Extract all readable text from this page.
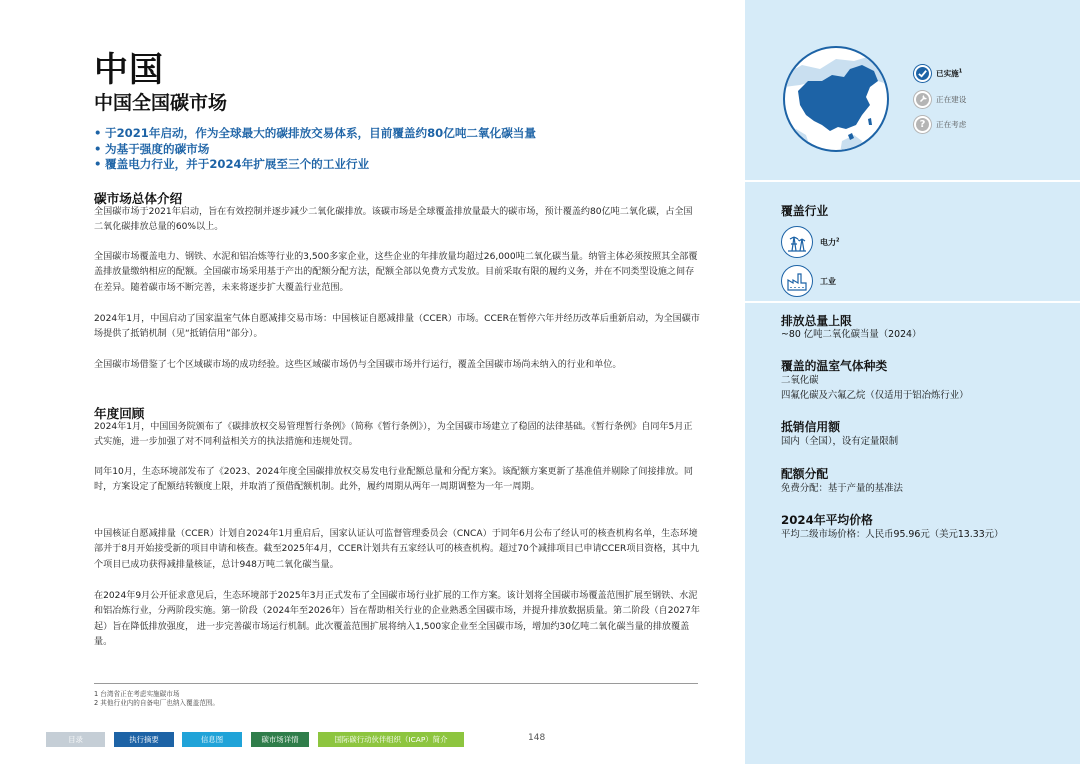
中国
中国全国碳市场
• 于2021年启动，作为全球最大的碳排放交易体系，目前覆盖约80亿吨二氧化碳当量
• 为基于强度的碳市场
• 覆盖电力行业，并于2024年扩展至三个的工业行业
碳市场总体介绍
全国碳市场于2021年启动，旨在有效控制并逐步减少二氧化碳排放。该碳市场是全球覆盖排放量最大的碳市场，预计覆盖约80亿吨二氧化碳，占全国二氧化碳排放总量的60%以上。
全国碳市场覆盖电力、钢铁、水泥和铝冶炼等行业的3,500多家企业，这些企业的年排放量均超过26,000吨二氧化碳当量。纳管主体必须按照其全部覆盖排放量缴纳相应的配额。全国碳市场采用基于产出的配额分配方法，配额全部以免费方式发放。目前采取有限的履约义务，并在不同类型设施之间存在差异。随着碳市场不断完善，未来将逐步扩大覆盖行业范围。
2024年1月，中国启动了国家温室气体自愿减排交易市场：中国核证自愿减排量（CCER）市场。CCER在暂停六年并经历改革后重新启动，为全国碳市场提供了抵销机制（见“抵销信用”部分）。
全国碳市场借鉴了七个区域碳市场的成功经验。这些区域碳市场仍与全国碳市场并行运行，覆盖全国碳市场尚未纳入的行业和单位。
年度回顾
2024年1月，中国国务院颁布了《碳排放权交易管理暂行条例》（简称《暂行条例》），为全国碳市场建立了稳固的法律基础。《暂行条例》自同年5月正式实施，进一步加强了对不同利益相关方的执法措施和违规处罚。
同年10月，生态环境部发布了《2023、2024年度全国碳排放权交易发电行业配额总量和分配方案》。该配额方案更新了基准值并剔除了间接排放。同时，方案设定了配额结转额度上限，并取消了预借配额机制。此外，履约周期从两年一周期调整为一年一周期。
中国核证自愿减排量（CCER）计划自2024年1月重启后，国家认证认可监督管理委员会（CNCA）于同年6月公布了经认可的核查机构名单，生态环境部并于8月开始接受新的项目申请和核查。截至2025年4月，CCER计划共有五家经认可的核查机构。超过70个减排项目已申请CCER项目资格，其中九个项目已成功获得减排量核证，总计948万吨二氧化碳当量。
在2024年9月公开征求意见后，生态环境部于2025年3月正式发布了全国碳市场行业扩展的工作方案。该计划将全国碳市场覆盖范围扩展至钢铁、水泥和铝冶炼行业，分两阶段实施。第一阶段（2024年至2026年）旨在帮助相关行业的企业熟悉全国碳市场，并提升排放数据质量。第二阶段（自2027年起）旨在降低排放强度， 进一步完善碳市场运行机制。此次覆盖范围扩展将纳入1,500家企业至全国碳市场，增加约30亿吨二氧化碳当量的排放覆盖量。
1 台湾省正在考虑实施碳市场
2 其他行业内的自备电厂也纳入覆盖范围。
目录	执行摘要	信息图	碳市场详情	国际碳行动伙伴组织（ICAP）简介	148
已实施$^1$
正在建设
?	正在考虑
覆盖行业
电力$^2$
工业
排放总量上限
~80 亿吨二氧化碳当量（2024）
覆盖的温室气体种类
二氧化碳
四氟化碳及六氟乙烷（仅适用于铝冶炼行业）
抵销信用额
国内（全国），设有定量限制
配额分配
免费分配：基于产量的基准法
2024年平均价格
平均二级市场价格：人民币95.96元（美元13.33元）
